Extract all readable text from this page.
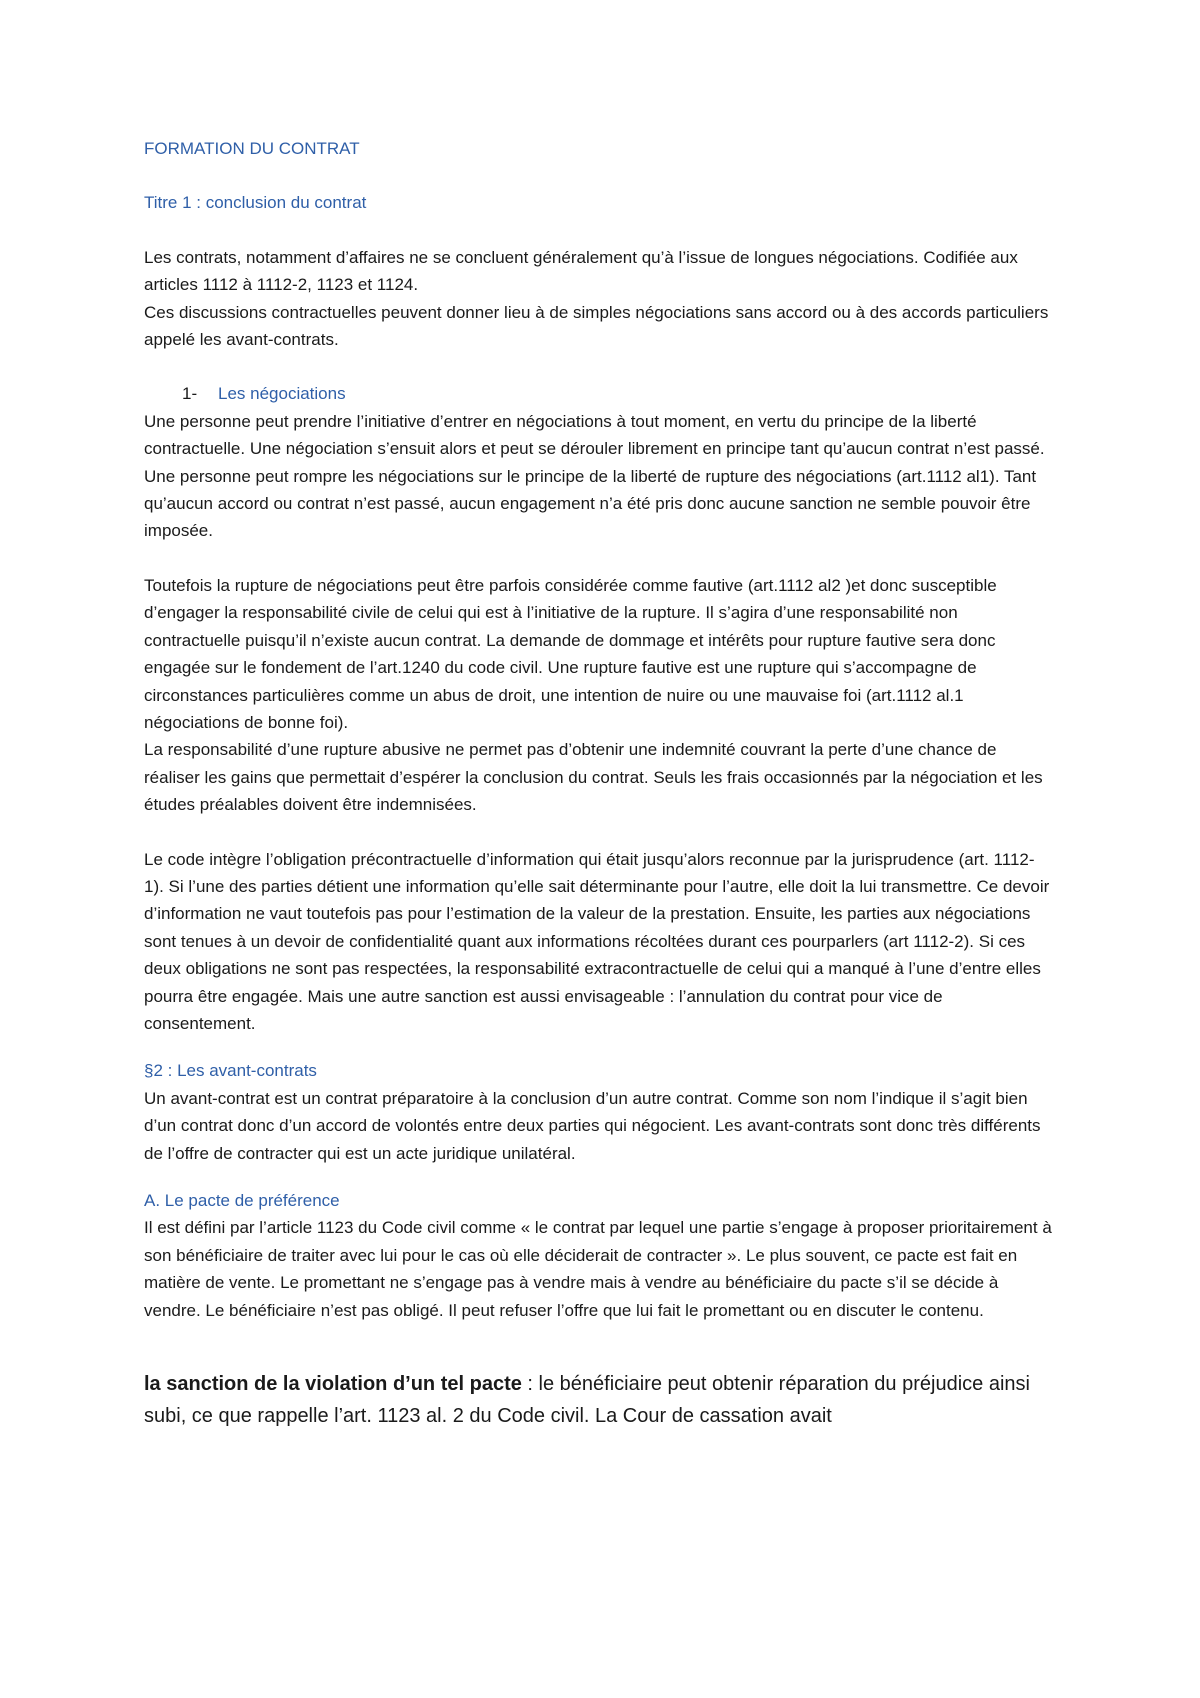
FORMATION DU CONTRAT
Titre 1 : conclusion du contrat

Les contrats, notamment d’affaires ne se concluent généralement qu’à l’issue de longues négociations. Codifiée aux articles 1112 à 1112-2, 1123 et 1124.

Ces discussions contractuelles peuvent donner lieu à de simples négociations sans accord ou à des accords particuliers appelé les avant-contrats.

1-	Les négociations

Une personne peut prendre l’initiative d’entrer en négociations à tout moment, en vertu du principe de la liberté contractuelle. Une négociation s’ensuit alors et peut se dérouler librement en principe tant qu’aucun contrat n’est passé.

Une personne peut rompre les négociations sur le principe de la liberté de rupture des négociations (art.1112 al1). Tant qu’aucun accord ou contrat n’est passé, aucun engagement n’a été pris donc aucune sanction ne semble pouvoir être imposée.

Toutefois la rupture de négociations peut être parfois considérée comme fautive (art.1112 al2 )et donc susceptible d’engager la responsabilité civile de celui qui est à l’initiative de la rupture. Il s’agira d’une responsabilité non contractuelle puisqu’il n’existe aucun contrat. La demande de dommage et intérêts pour rupture fautive sera donc engagée sur le fondement de l’art.1240 du code civil. Une rupture fautive est une rupture qui s’accompagne de circonstances particulières comme un abus de droit, une intention de nuire ou une mauvaise foi (art.1112 al.1 négociations de bonne foi).

La responsabilité d’une rupture abusive ne permet pas d’obtenir une indemnité couvrant la perte d’une chance de réaliser les gains que permettait d’espérer la conclusion du contrat. Seuls les frais occasionnés par la négociation et les études préalables doivent être indemnisées.

Le code intègre l’obligation précontractuelle d’information qui était jusqu’alors reconnue par la jurisprudence (art. 1112-1). Si l’une des parties détient une information qu’elle sait déterminante pour l’autre, elle doit la lui transmettre. Ce devoir d’information ne vaut toutefois pas pour l’estimation de la valeur de la prestation. Ensuite, les parties aux négociations sont tenues à un devoir de confidentialité quant aux informations récoltées durant ces pourparlers (art 1112-2). Si ces deux obligations ne sont pas respectées, la responsabilité extracontractuelle de celui qui a manqué à l’une d’entre elles pourra être engagée. Mais une autre sanction est aussi envisageable : l’annulation du contrat pour vice de consentement.

§2 : Les avant-contrats

Un avant-contrat est un contrat préparatoire à la conclusion d’un autre contrat. Comme son nom l’indique il s’agit bien d’un contrat donc d’un accord de volontés entre deux parties qui négocient. Les avant-contrats sont donc très différents de l’offre de contracter qui est un acte juridique unilatéral.

A. Le pacte de préférence

Il est défini par l’article 1123 du Code civil comme « le contrat par lequel une partie s’engage à proposer prioritairement à son bénéficiaire de traiter avec lui pour le cas où elle déciderait de contracter ». Le plus souvent, ce pacte est fait en matière de vente. Le promettant ne s’engage pas à vendre mais à vendre au bénéficiaire du pacte s’il se décide à vendre. Le bénéficiaire n’est pas obligé. Il peut refuser l’offre que lui fait le promettant ou en discuter le contenu.

la sanction de la violation d’un tel pacte : le bénéficiaire peut obtenir réparation du préjudice ainsi subi, ce que rappelle l’art. 1123 al. 2 du Code civil. La Cour de cassation avait
